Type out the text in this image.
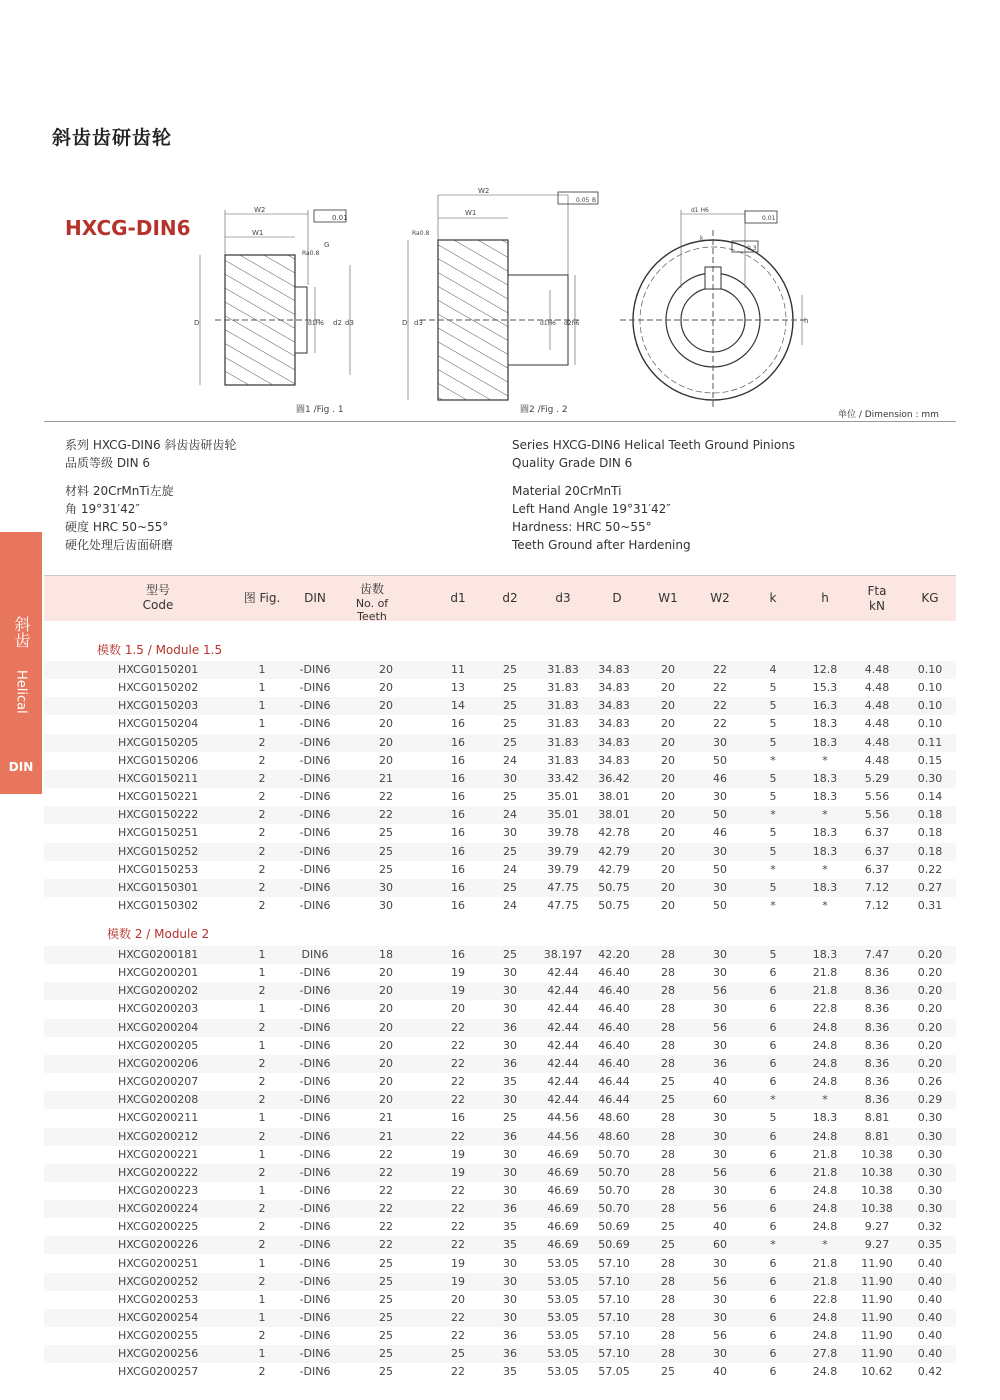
斜齿齿研齿轮
HXCG-DIN6
W2
W1
D	d1H6 d2 d3
Ra0.8
G
0.01
W2
W1
D d3	d1H6 d2h6
Ra0.8
0.05 B
d1 H6
k
h
0.01
0.3
圖1 /Fig . 1	圖2 /Fig . 2	单位 / Dimension : mm
系列 HXCG-DIN6 斜齿齿研齿轮
品质等级 DIN 6
材料 20CrMnTi左旋
角 19°31′42″
硬度 HRC 50~55°
硬化处理后齿面研磨
Series HXCG-DIN6 Helical Teeth Ground Pinions
Quality Grade DIN 6
Material 20CrMnTi
Left Hand Angle 19°31′42″
Hardness: HRC 50~55°
Teeth Ground after Hardening
斜齿
Helical
DIN
型号
Code	图 Fig. DIN
齿数
No. of Teeth
d1	d2	d3	D	W1	W2	k	h	Fta
kN
KG
模数 1.5 / Module 1.5
HXCG0150201	1	-DIN6	20	11	25	31.83 34.83	20	22	4	12.8	4.48	0.10
HXCG0150202	1	-DIN6	20	13	25	31.83 34.83	20	22	5	15.3	4.48	0.10
HXCG0150203	1	-DIN6	20	14	25	31.83 34.83	20	22	5	16.3	4.48	0.10
HXCG0150204	1	-DIN6	20	16	25	31.83 34.83	20	22	5	18.3	4.48	0.10
HXCG0150205	2	-DIN6	20	16	25	31.83 34.83	20	30	5	18.3	4.48	0.11
HXCG0150206	2	-DIN6	20	16	24	31.83 34.83	20	50	*	*	4.48	0.15
HXCG0150211	2	-DIN6	21	16	30	33.42 36.42	20	46	5	18.3	5.29	0.30
HXCG0150221	2	-DIN6	22	16	25	35.01 38.01	20	30	5	18.3	5.56	0.14
HXCG0150222	2	-DIN6	22	16	24	35.01 38.01	20	50	*	*	5.56	0.18
HXCG0150251	2	-DIN6	25	16	30	39.78 42.78	20	46	5	18.3	6.37	0.18
HXCG0150252	2	-DIN6	25	16	25	39.79 42.79	20	30	5	18.3	6.37	0.18
HXCG0150253	2	-DIN6	25	16	24	39.79 42.79	20	50	*	*	6.37	0.22
HXCG0150301	2	-DIN6	30	16	25	47.75 50.75	20	30	5	18.3	7.12	0.27
HXCG0150302	2	-DIN6	30	16	24	47.75 50.75	20	50	*	*	7.12	0.31
模数 2 / Module 2
HXCG0200181	1	DIN6	18	16	25 38.197 42.20	28	30	5	18.3	7.47	0.20
HXCG0200201	1	-DIN6	20	19	30	42.44 46.40	28	30	6	21.8	8.36	0.20
HXCG0200202	2	-DIN6	20	19	30	42.44 46.40	28	56	6	21.8	8.36	0.20
HXCG0200203	1	-DIN6	20	20	30	42.44 46.40	28	30	6	22.8	8.36	0.20
HXCG0200204	2	-DIN6	20	22	36	42.44 46.40	28	56	6	24.8	8.36	0.20
HXCG0200205	1	-DIN6	20	22	30	42.44 46.40	28	30	6	24.8	8.36	0.20
HXCG0200206	2	-DIN6	20	22	36	42.44 46.40	28	36	6	24.8	8.36	0.20
HXCG0200207	2	-DIN6	20	22	35	42.44 46.44	25	40	6	24.8	8.36	0.26
HXCG0200208	2	-DIN6	20	22	30	42.44 46.44	25	60	*	*	8.36	0.29
HXCG0200211	1	-DIN6	21	16	25	44.56 48.60	28	30	5	18.3	8.81	0.30
HXCG0200212	2	-DIN6	21	22	36	44.56 48.60	28	30	6	24.8	8.81	0.30
HXCG0200221	1	-DIN6	22	19	30	46.69 50.70	28	30	6	21.8 10.38 0.30
HXCG0200222	2	-DIN6	22	19	30	46.69 50.70	28	56	6	21.8 10.38 0.30
HXCG0200223	1	-DIN6	22	22	30	46.69 50.70	28	30	6	24.8 10.38 0.30
HXCG0200224	2	-DIN6	22	22	36	46.69 50.70	28	56	6	24.8 10.38 0.30
HXCG0200225	2	-DIN6	22	22	35	46.69 50.69	25	40	6	24.8	9.27	0.32
HXCG0200226	2	-DIN6	22	22	35	46.69 50.69	25	60	*	*	9.27	0.35
HXCG0200251	1	-DIN6	25	19	30	53.05 57.10	28	30	6	21.8 11.90 0.40
HXCG0200252	2	-DIN6	25	19	30	53.05 57.10	28	56	6	21.8 11.90 0.40
HXCG0200253	1	-DIN6	25	20	30	53.05 57.10	28	30	6	22.8 11.90 0.40
HXCG0200254	1	-DIN6	25	22	30	53.05 57.10	28	30	6	24.8 11.90 0.40
HXCG0200255	2	-DIN6	25	22	36	53.05 57.10	28	56	6	24.8 11.90 0.40
HXCG0200256	1	-DIN6	25	25	36	53.05 57.10	28	30	6	27.8 11.90 0.40
HXCG0200257	2	-DIN6	25	22	35	53.05 57.05	25	40	6	24.8 10.62 0.42
